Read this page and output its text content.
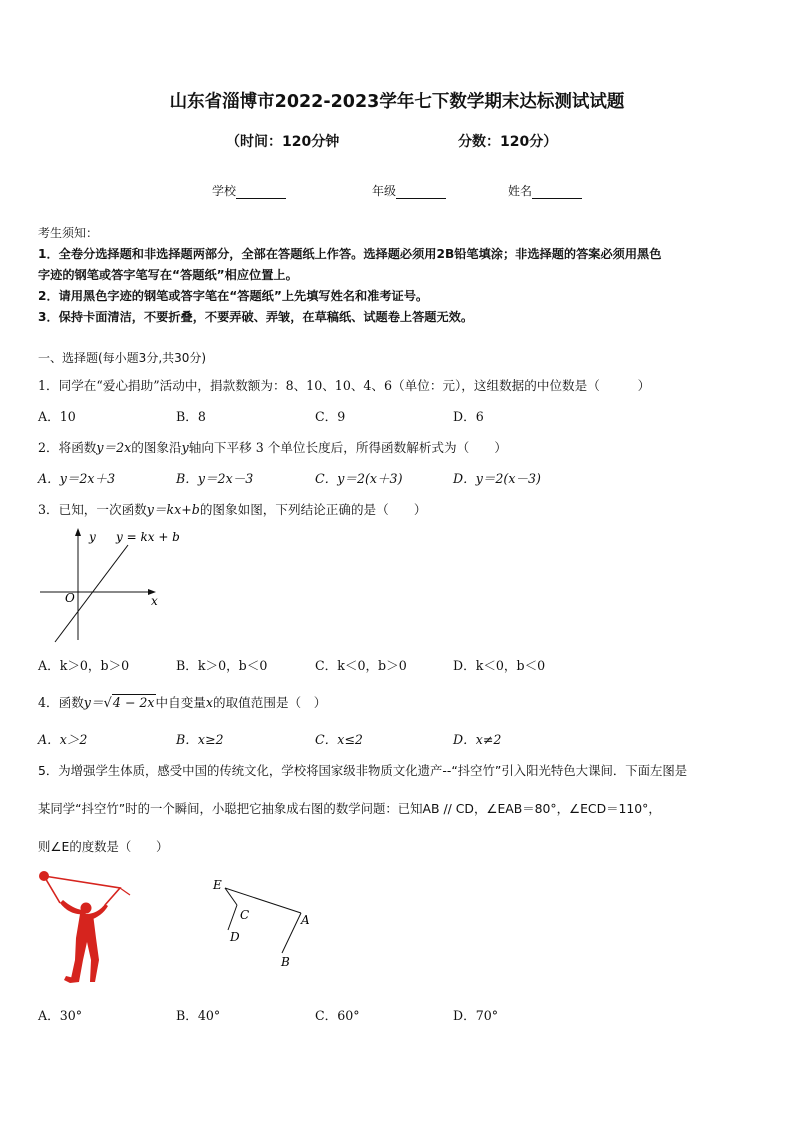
山东省淄博市2022-2023学年七下数学期末达标测试试题
（时间：120分钟	分数：120分）
学校	年级	姓名
考生须知：
1．全卷分选择题和非选择题两部分，全部在答题纸上作答。选择题必须用2B铅笔填涂；非选择题的答案必须用黑色
字迹的钢笔或答字笔写在“答题纸”相应位置上。
2．请用黑色字迹的钢笔或答字笔在“答题纸”上先填写姓名和准考证号。
3．保持卡面清洁，不要折叠，不要弄破、弄皱，在草稿纸、试题卷上答题无效。
一、选择题(每小题3分,共30分)
1．同学在“爱心捐助”活动中，捐款数额为：8、10、10、4、6（单位：元），这组数据的中位数是（　　　）
A．10	B．8	C．9	D．6
2．将函数y＝2x的图象沿y轴向下平移 3 个单位长度后，所得函数解析式为（　　）
A．y＝2x＋3	B．y＝2x－3	C．y＝2(x＋3)	D．y＝2(x－3)
3．已知，一次函数y＝kx+b的图象如图，下列结论正确的是（　　）
y y = kx + b
x
O
E
C	A
D
B
A．k＞0，b＞0	B．k＞0，b＜0	C．k＜0，b＞0	D．k＜0，b＜0
4．函数y＝√4 − 2x中自变量x的取值范围是（　）
A．x＞2	B．x≥2	C．x≤2	D．x≠2
5．为增强学生体质，感受中国的传统文化，学校将国家级非物质文化遗产--“抖空竹”引入阳光特色大课间．下面左图是
某同学“抖空竹”时的一个瞬间，小聪把它抽象成右图的数学问题：已知AB // CD，∠EAB＝80°，∠ECD＝110°，
则∠E的度数是（　　）
A．30°	B．40°	C．60°	D．70°
